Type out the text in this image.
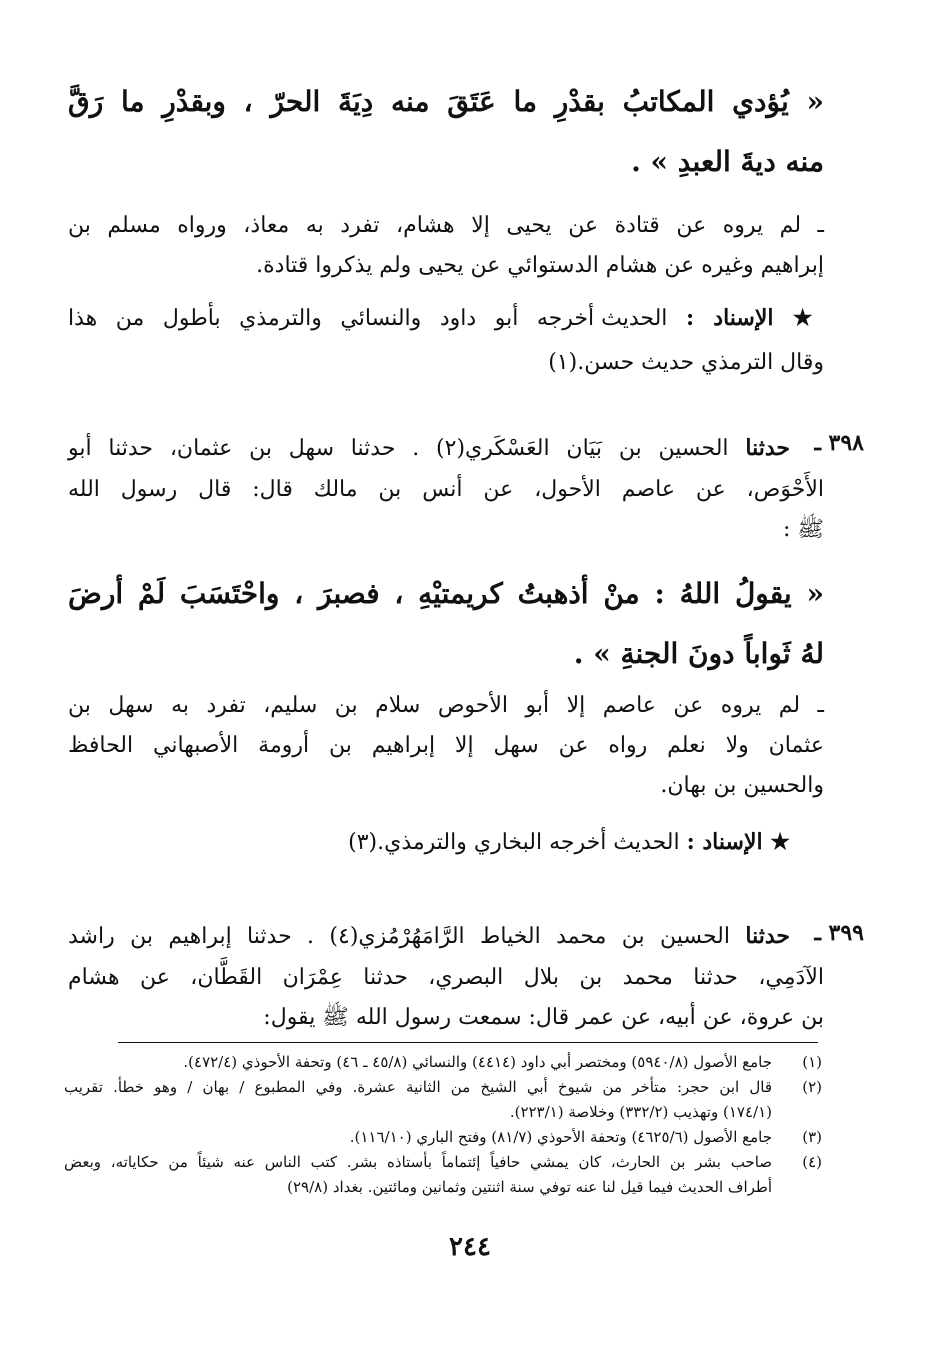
« يُؤدي المكاتبُ بقدْرِ ما عَتَقَ منه دِيَةَ الحرّ ، وبقدْرِ ما رَقَّ
منه ديةَ العبدِ » .
ـ لم يروه عن قتادة عن يحيى إلا هشام، تفرد به معاذ، ورواه مسلم بن
إبراهيم وغيره عن هشام الدستوائي عن يحيى ولم يذكروا قتادة.
★ الإسناد : الحديث أخرجه أبو داود والنسائي والترمذي بأطول من هذا
وقال الترمذي حديث حسن.(١)
٣٩٨ ـ
حدثنا الحسين بن بَيَان العَسْكَري(٢) . حدثنا سهل بن عثمان، حدثنا أبو
الأَحْوَص، عن عاصم الأحول، عن أنس بن مالك قال: قال رسول الله
ﷺ :
« يقولُ اللهُ : منْ أذهبتُ كريمتيْهِ ، فصبرَ ، واحْتَسَبَ لَمْ أرضَ
لهُ ثَواباً دونَ الجنةِ » .
ـ لم يروه عن عاصم إلا أبو الأحوص سلام بن سليم، تفرد به سهل بن
عثمان ولا نعلم رواه عن سهل إلا إبراهيم بن أرومة الأصبهاني الحافظ
والحسين بن بهان.
★ الإسناد : الحديث أخرجه البخاري والترمذي.(٣)
٣٩٩ ـ
حدثنا الحسين بن محمد الخياط الرَّامَهُرْمُزي(٤) . حدثنا إبراهيم بن راشد
الآدَمِي، حدثنا محمد بن بلال البصري، حدثنا عِمْرَان القَطَّان، عن هشام
بن عروة، عن أبيه، عن عمر قال: سمعت رسول الله ﷺ يقول:
(١)
جامع الأصول (٥٩٤٠/٨) ومختصر أبي داود (٤٤١٤) والنسائي (٤٥/٨ ـ ٤٦) وتحفة الأحوذي (٤٧٢/٤).
(٢)
قال ابن حجر: متأخر من شيوخ أبي الشيخ من الثانية عشرة. وفي المطبوع / بهان / وهو خطأ. تقريب
(١٧٤/١) وتهذيب (٣٣٢/٢) وخلاصة (٢٢٣/١).
(٣)
جامع الأصول (٤٦٢٥/٦) وتحفة الأحوذي (٨١/٧) وفتح الباري (١١٦/١٠).
(٤)
صاحب بشر بن الحارث، كان يمشي حافياً إئتماماً بأستاذه بشر. كتب الناس عنه شيئاً من حكاياته، وبعض
أطراف الحديث فيما قيل لنا عنه توفي سنة اثنتين وثمانين ومائتين. بغداد (٢٩/٨)
٢٤٤
